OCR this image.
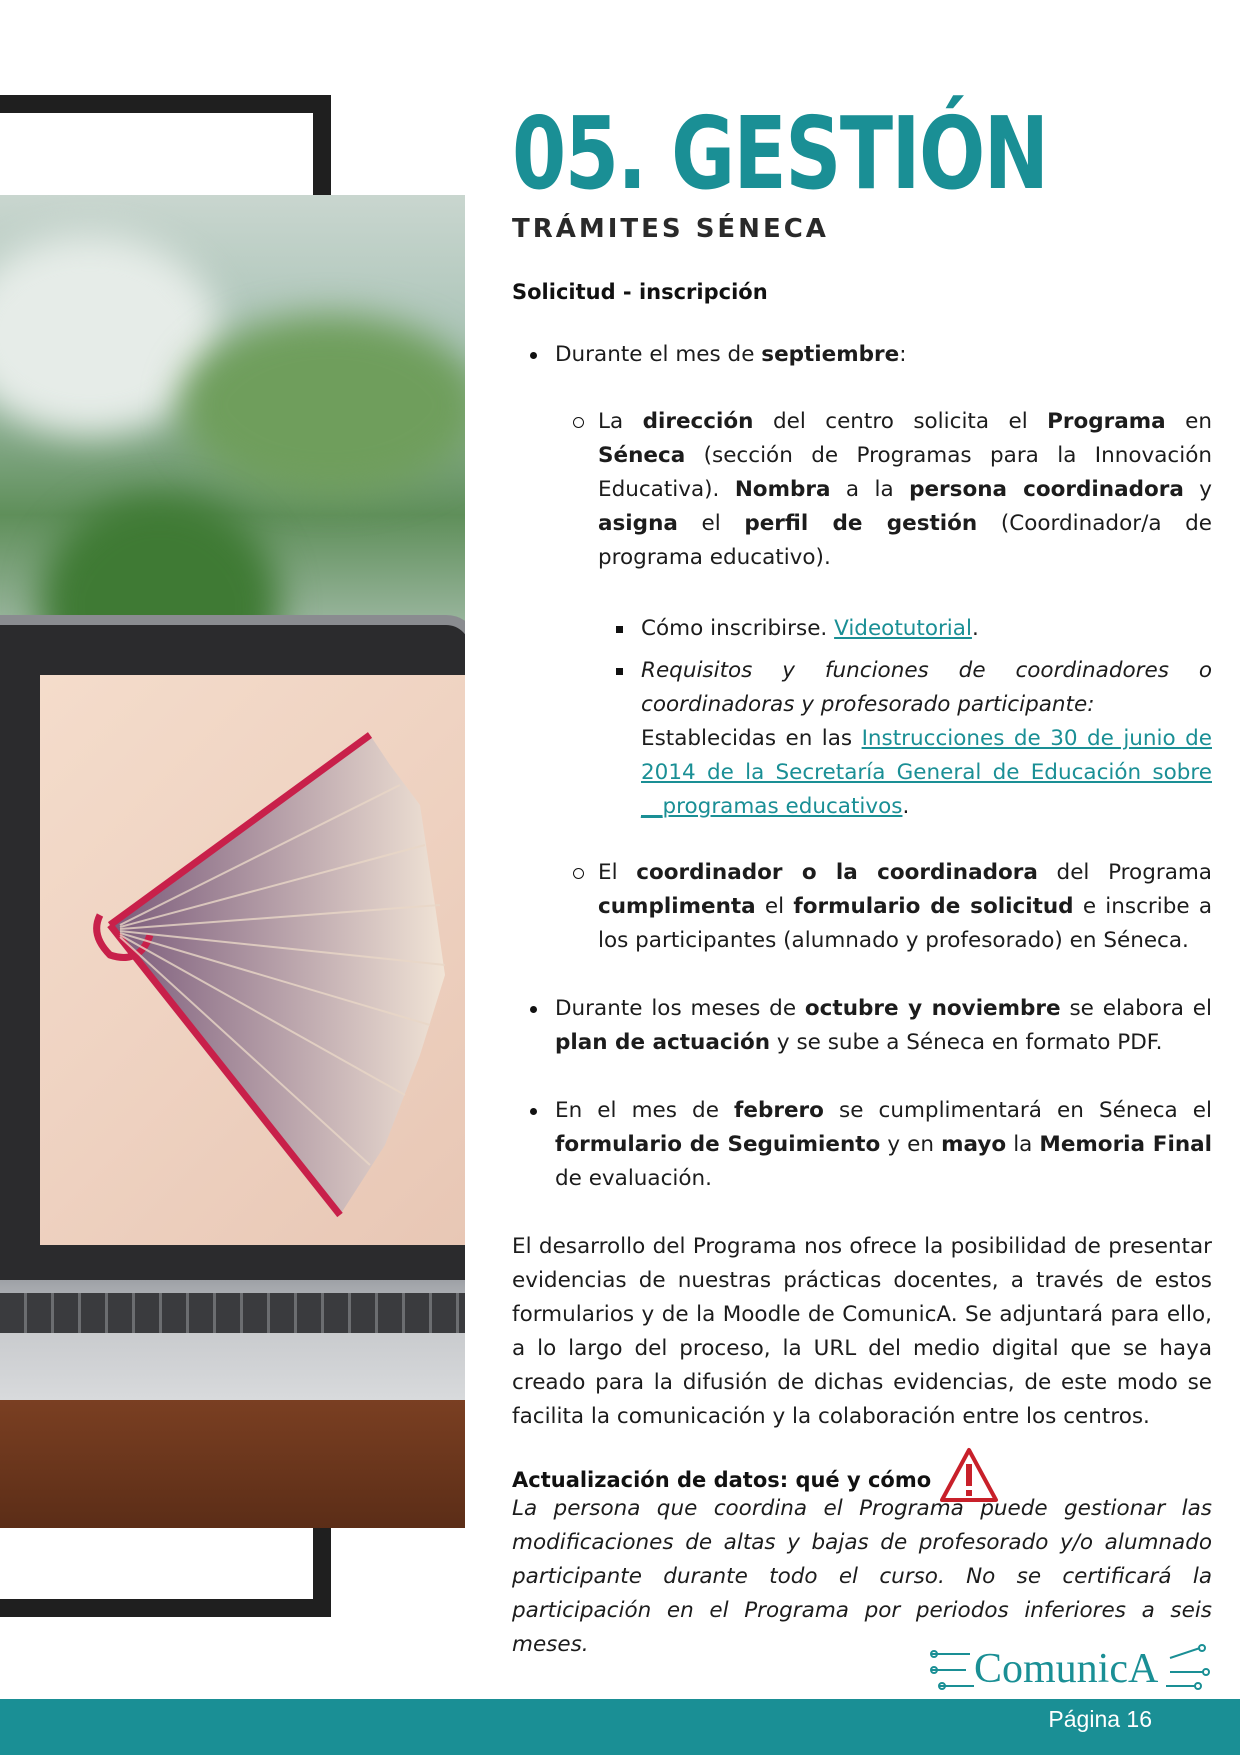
05. GESTIÓN
TRÁMITES SÉNECA
Solicitud - inscripción
Durante el mes de septiembre:
La dirección del centro solicita el Programa en Séneca (sección de Programas para la Innovación Educativa). Nombra a la persona coordinadora y asigna el perfil de gestión (Coordinador/a de programa educativo).
Cómo inscribirse. Videotutorial.
Requisitos y funciones de coordinadores o coordinadoras y profesorado participante:
Establecidas en las Instrucciones de 30 de junio de 2014 de la Secretaría General de Educación sobre __programas educativos.
El coordinador o la coordinadora del Programa cumplimenta el formulario de solicitud e inscribe a los participantes (alumnado y profesorado) en Séneca.
Durante los meses de octubre y noviembre se elabora el plan de actuación y se sube a Séneca en formato PDF.
En el mes de febrero se cumplimentará en Séneca el formulario de Seguimiento y en mayo la Memoria Final de evaluación.

El desarrollo del Programa nos ofrece la posibilidad de presentar evidencias de nuestras prácticas docentes, a través de estos formularios y de la Moodle de ComunicA. Se adjuntará para ello, a lo largo del proceso, la URL del medio digital que se haya creado para la difusión de dichas evidencias, de este modo se facilita la comunicación y la colaboración entre los centros.

Actualización de datos: qué y cómo

La persona que coordina el Programa puede gestionar las modificaciones de altas y bajas de profesorado y/o alumnado participante durante todo el curso. No se certificará la participación en el Programa por periodos inferiores a seis meses.

ComunicA
Página 16
